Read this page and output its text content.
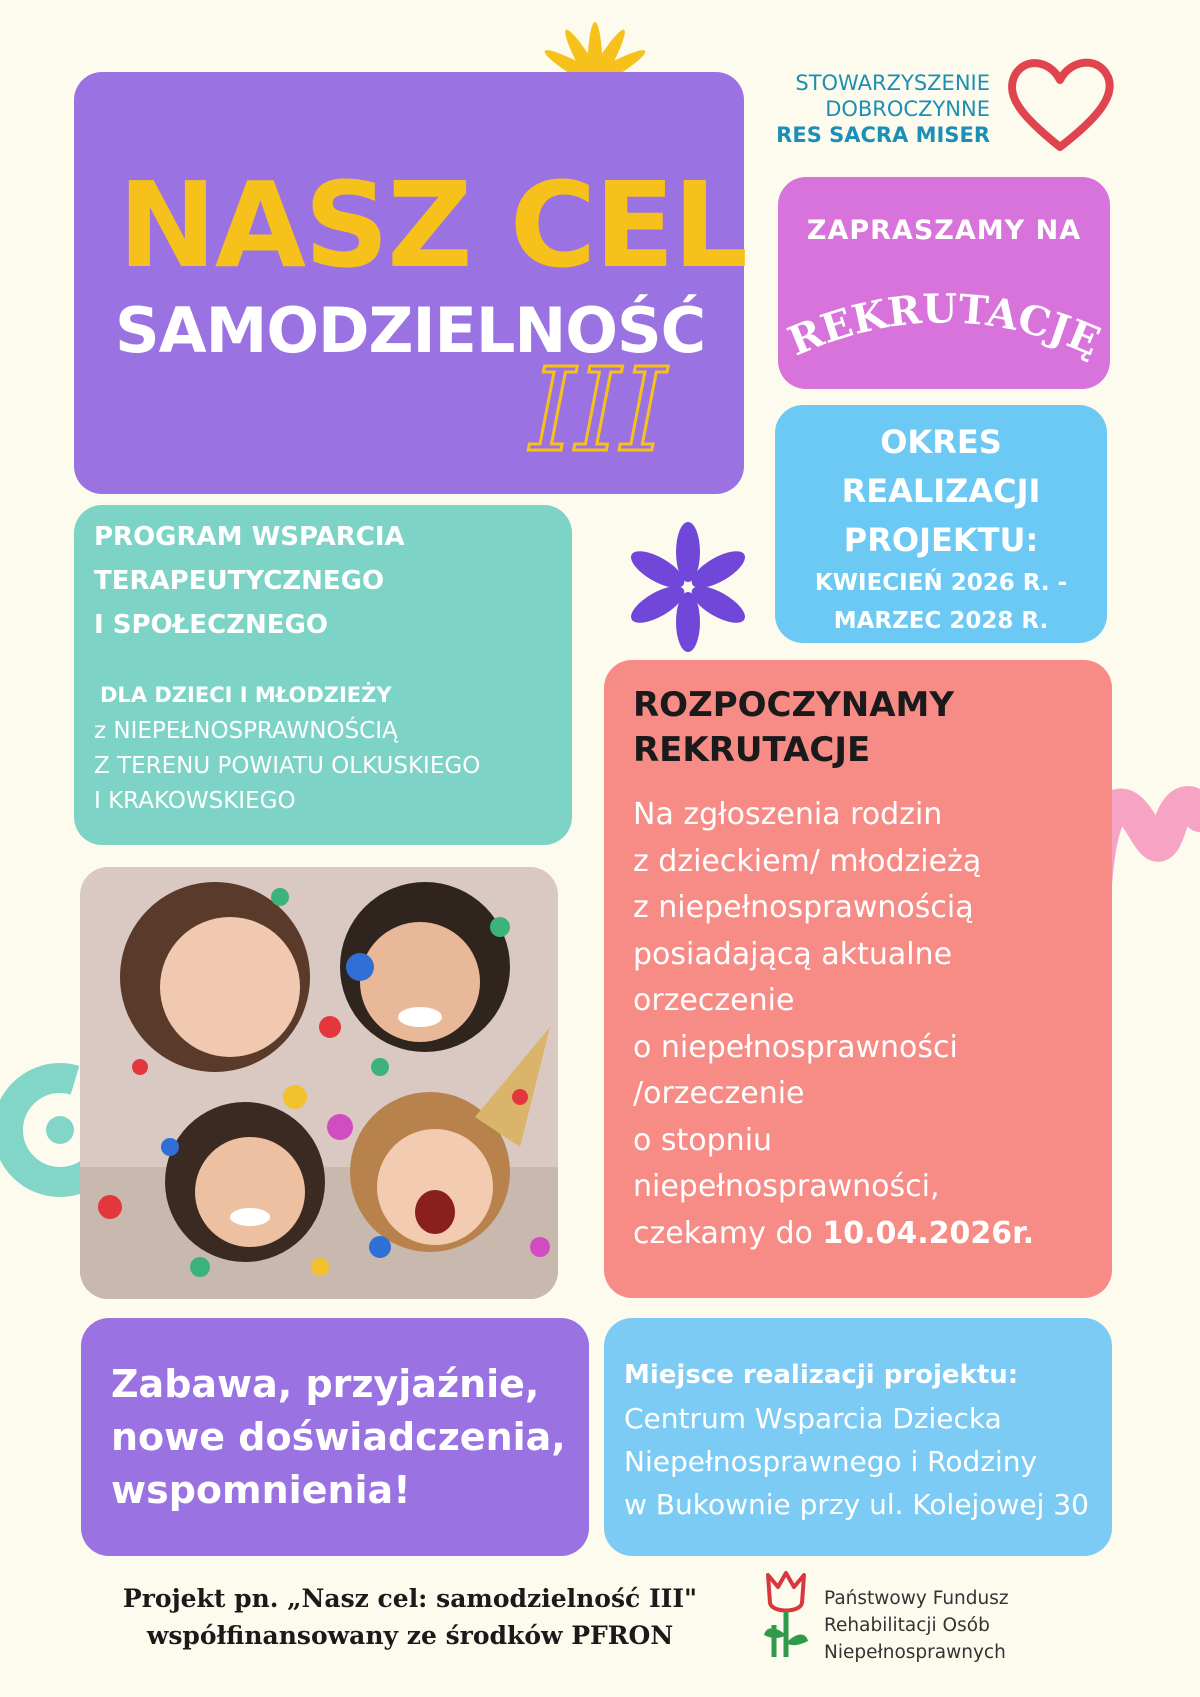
STOWARZYSZENIE
DOBROCZYNNE
RES SACRA MISER
NASZ CEL
SAMODZIELNOŚĆ
III
ZAPRASZAMY NA
REKRUTACJĘ
OKRES
REALIZACJI
PROJEKTU:
KWIECIEŃ 2026 R. -
MARZEC 2028 R.
PROGRAM WSPARCIA
TERAPEUTYCZNEGO
I SPOŁECZNEGO
DLA DZIECI I MŁODZIEŻY
z NIEPEŁNOSPRAWNOŚCIĄ
Z TERENU POWIATU OLKUSKIEGO
I KRAKOWSKIEGO
ROZPOCZYNAMY
REKRUTACJE
Na zgłoszenia rodzin
z dzieckiem/ młodzieżą
z niepełnosprawnością
posiadającą aktualne
orzeczenie
o niepełnosprawności
/orzeczenie
o stopniu
niepełnosprawności,
czekamy do 10.04.2026r.
Zabawa, przyjaźnie,
nowe doświadczenia,
wspomnienia!
Miejsce realizacji projektu:
Centrum Wsparcia Dziecka
Niepełnosprawnego i Rodziny
w Bukownie przy ul. Kolejowej 30
Projekt pn. „Nasz cel: samodzielność III"
współfinansowany ze środków PFRON
Państwowy Fundusz
Rehabilitacji Osób
Niepełnosprawnych
